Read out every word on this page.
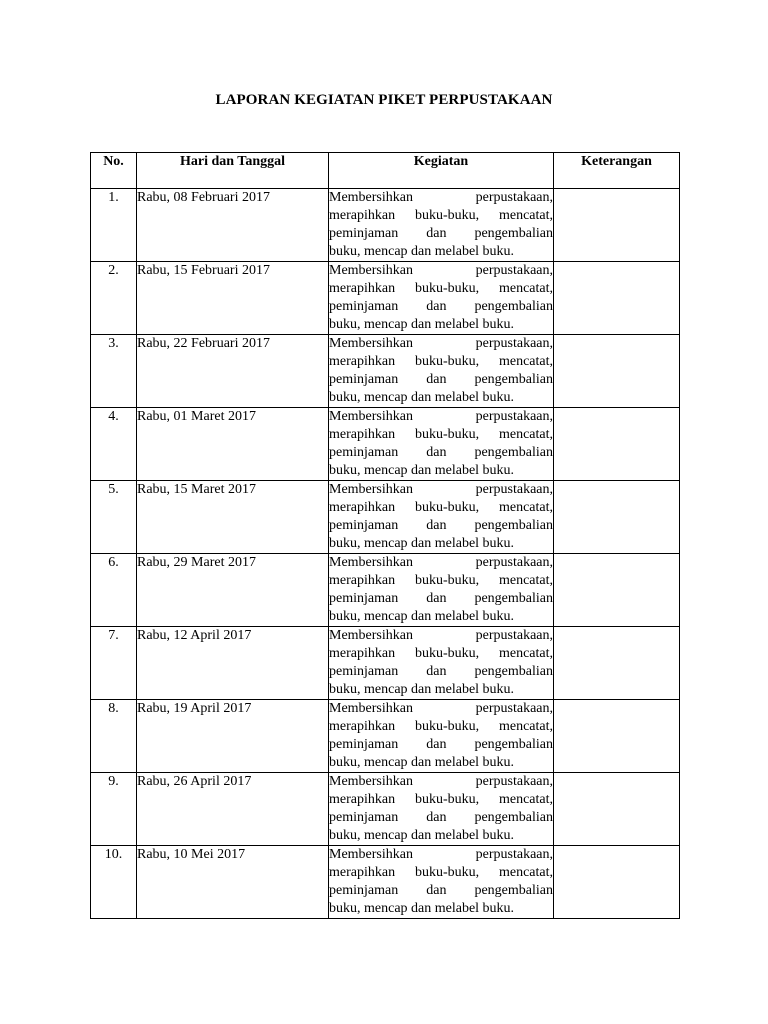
LAPORAN KEGIATAN PIKET PERPUSTAKAAN
No.	Hari dan Tanggal	Kegiatan	Keterangan
1.	Rabu, 08 Februari 2017	Membersihkan perpustakaan,
merapihkan buku-buku, mencatat,
peminjaman dan pengembalian
buku, mencap dan melabel buku.	

2.	Rabu, 15 Februari 2017	Membersihkan perpustakaan,
merapihkan buku-buku, mencatat,
peminjaman dan pengembalian
buku, mencap dan melabel buku.	

3.	Rabu, 22 Februari 2017	Membersihkan perpustakaan,
merapihkan buku-buku, mencatat,
peminjaman dan pengembalian
buku, mencap dan melabel buku.	

4.	Rabu, 01 Maret 2017	Membersihkan perpustakaan,
merapihkan buku-buku, mencatat,
peminjaman dan pengembalian
buku, mencap dan melabel buku.	

5.	Rabu, 15 Maret 2017	Membersihkan perpustakaan,
merapihkan buku-buku, mencatat,
peminjaman dan pengembalian
buku, mencap dan melabel buku.	

6.	Rabu, 29 Maret 2017	Membersihkan perpustakaan,
merapihkan buku-buku, mencatat,
peminjaman dan pengembalian
buku, mencap dan melabel buku.	

7.	Rabu, 12 April 2017	Membersihkan perpustakaan,
merapihkan buku-buku, mencatat,
peminjaman dan pengembalian
buku, mencap dan melabel buku.	

8.	Rabu, 19 April 2017	Membersihkan perpustakaan,
merapihkan buku-buku, mencatat,
peminjaman dan pengembalian
buku, mencap dan melabel buku.	

9.	Rabu, 26 April 2017	Membersihkan perpustakaan,
merapihkan buku-buku, mencatat,
peminjaman dan pengembalian
buku, mencap dan melabel buku.	

10.	Rabu, 10 Mei 2017	Membersihkan perpustakaan,
merapihkan buku-buku, mencatat,
peminjaman dan pengembalian
buku, mencap dan melabel buku.	
